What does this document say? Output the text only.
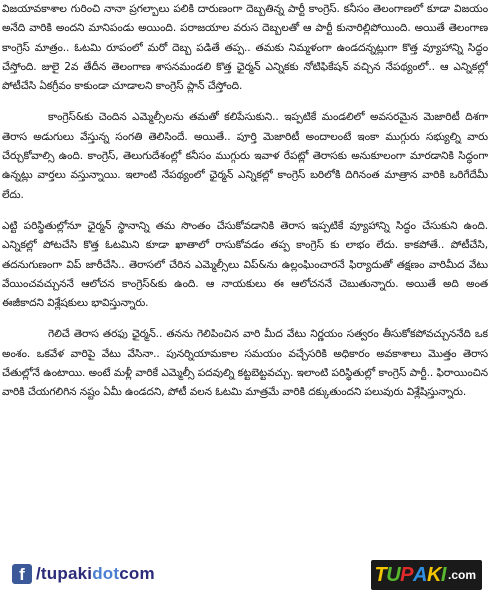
విజయావకాశాల గురించి నానా ప్రగల్బాలు పలికి దారుణంగా దెబ్బతిన్న పార్టీ కాంగ్రెస్. కనీసం తెలంగాణలో కూడా విజయం అనేది వారికి అందని మానిపండు అయింది. పరాజయాల వరుస దెబ్బలతో ఆ పార్టీ కునారిల్లిపోయింది. అయితే తెలంగాణ కాంగ్రెస్ మాత్రం.. ఓటమి రూపంలో మరో దెబ్బ పడితే తప్ప.. తమకు నిమ్మళంగా ఉండదన్నట్లుగా కొత్త వ్యూహాన్ని సిద్ధం చేస్తోంది. జులై 2వ తేదీన తెలంగాణ శాసనమండలి కొత్త ఛైర్మన్ ఎన్నికకు నోటిఫికేషన్ వచ్చిన నేపథ్యంలో.. ఆ ఎన్నికల్లో పోటీచేసి ఏకగ్రీవం కాకుండా చూడాలని కాంగ్రెస్ ప్లాన్ చేస్తోంది.

కాంగ్రెస్&కు చెందిన ఎమ్మెల్సీలను తమతో కలిపేసుకుని.. ఇప్పటికే మండలిలో అవసరమైన మెజారిటీ దిశగా తెరాస అడుగులు వేస్తున్న సంగతి తెలిసిందే. అయితే.. పూర్తి మెజారిటీ అందాలంటే ఇంకా ముగ్గురు సభ్యుల్ని వారు చేర్చుకోవాల్సి ఉంది. కాంగ్రెస్, తెలుగుదేశంల్లో కనీసం ముగ్గురు ఇవాళ రేపట్లో తెరాసకు అనుకూలంగా మారడానికి సిద్ధంగా ఉన్నట్లు వార్తలు వస్తున్నాయి. ఇలాంటి నేపథ్యంలో ఛైర్మన్ ఎన్నికల్లో కాంగ్రెస్ బరిలోకి దిగినంత మాత్రాన వారికి ఒరిగేదేమీ లేదు.

ఎట్టి పరిస్థితుల్లోనూ ఛైర్మన్ స్థానాన్ని తమ సొంతం చేసుకోవడానికి తెరాస ఇప్పటికే వ్యూహాన్ని సిద్ధం చేసుకుని ఉంది. ఎన్నికల్లో పోటచేసి కొత్త ఓటమిని కూడా ఖాతాలో రాసుకోవడం తప్ప కాంగ్రెస్ కు లాభం లేదు. కాకపోతే.. పోటీచేసి, తదనుగుణంగా విప్ జారీచేసి.. తెరాసలో చేరిన ఎమ్మెల్సీలు విప్&ను ఉల్లంఘించారనే ఫిర్యాదుతో తక్షణం వారిమీద వేటు వేయించవచ్చుననే ఆలోచన కాంగ్రెస్&కు ఉంది. ఆ నాయకులు ఈ ఆలోచననే చెబుతున్నారు. అయితే అది అంత ఈజీకాదని విశ్లేషకులు భావిస్తున్నారు.

గెలిచే తెరాస తరఫు ఛైర్మన్.. తనను గెలిపించిన వారి మీద వేటు నిర్ణయం సత్వరం తీసుకోకపోవచ్చుననేది ఒక అంశం. ఒకవేళ వారిపై వేటు వేసినా.. పునర్నియామకాల సమయం వచ్చేసరికి అధికారం అవకాశాలు మొత్తం తెరాస చేతుల్లోనే ఉంటాయి. అంటే మళ్లీ వారికే ఎమ్మెల్సీ పదవుల్ని కట్టబెట్టవచ్చు. ఇలాంటి పరిస్థితుల్లో కాంగ్రెస్ పార్టీ.. ఫిరాయించిన వారికి చేయగలిగిన నష్టం ఏమీ ఉండదని, పోటీ వలన ఓటమి మాత్రమే వారికి దక్కుతుందని పలువురు విశ్లేషిస్తున్నారు.

f /tupakidotcom	T U P A K I .com
